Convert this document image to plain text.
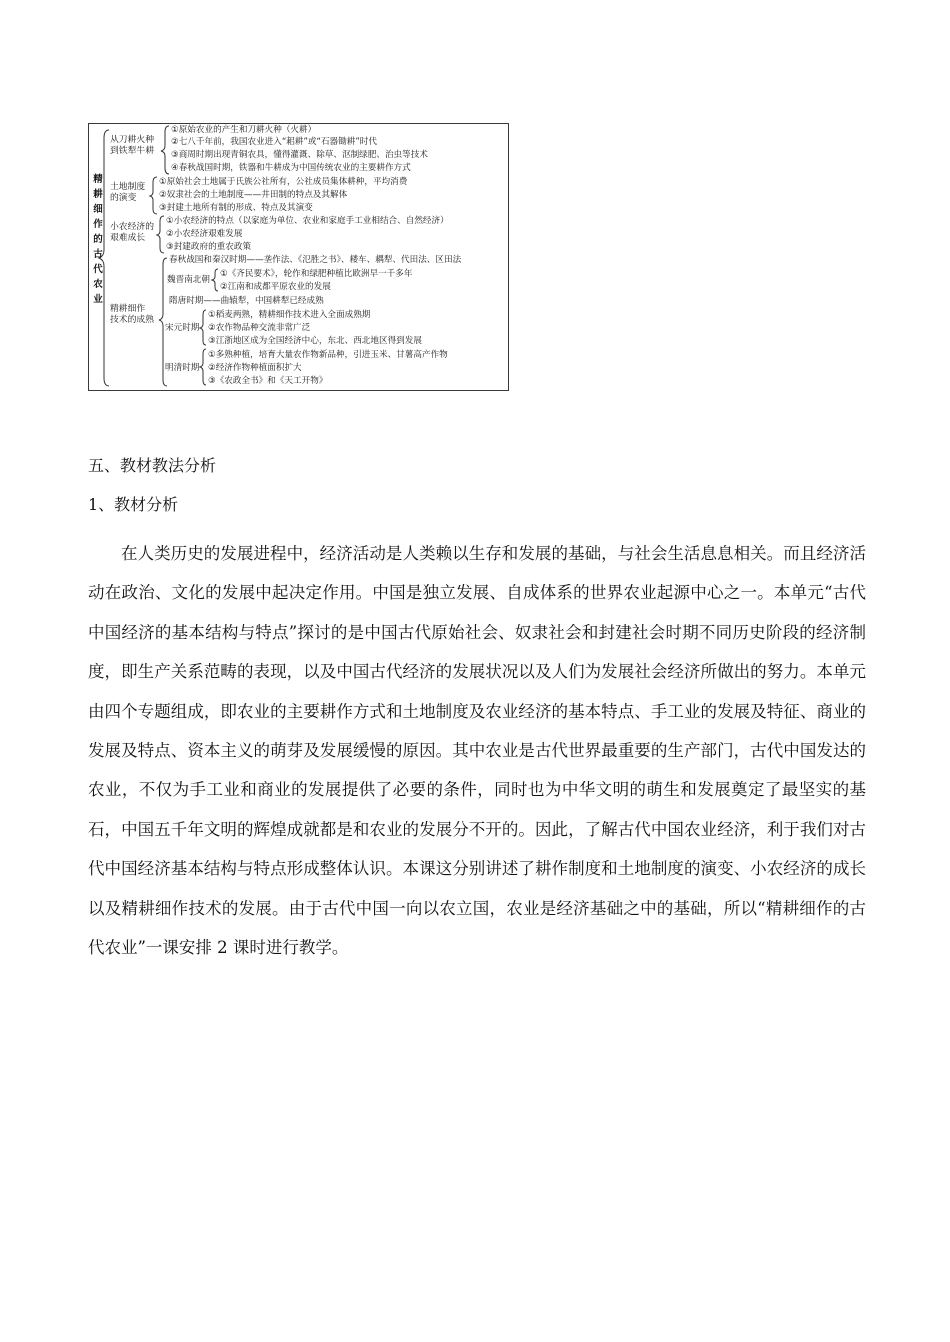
精耕细作的古代农业
从刀耕火种
到铁犁牛耕
①原始农业的产生和刀耕火种（火耕）
②七八千年前，我国农业进入“耜耕”或“石器锄耕”时代
③商周时期出现青铜农具，懂得灌溉、除草、沤制绿肥、治虫等技术
④春秋战国时期，铁器和牛耕成为中国传统农业的主要耕作方式
土地制度
的演变
①原始社会土地属于氏族公社所有，公社成员集体耕种，平均消费
②奴隶社会的土地制度——井田制的特点及其解体
③封建土地所有制的形成、特点及其演变
小农经济的
艰难成长
①小农经济的特点（以家庭为单位、农业和家庭手工业相结合、自然经济）
②小农经济艰难发展
③封建政府的重农政策
精耕细作
技术的成熟
春秋战国和秦汉时期——垄作法、《氾胜之书》、耧车、耦犁、代田法、区田法
魏晋南北朝
①《齐民要术》，轮作和绿肥种植比欧洲早一千多年
②江南和成都平原农业的发展
隋唐时期——曲辕犁，中国耕犁已经成熟
宋元时期
①稻麦两熟，精耕细作技术进入全面成熟期
②农作物品种交流非常广泛
③江浙地区成为全国经济中心，东北、西北地区得到发展
明清时期
①多熟种植，培育大量农作物新品种，引进玉米、甘薯高产作物
②经济作物种植面积扩大
③《农政全书》和《天工开物》
五、教材教法分析
1、教材分析

在人类历史的发展进程中，经济活动是人类赖以生存和发展的基础，与社会生活息息相关。而且经济活动在政治、文化的发展中起决定作用。中国是独立发展、自成体系的世界农业起源中心之一。本单元“古代中国经济的基本结构与特点”探讨的是中国古代原始社会、奴隶社会和封建社会时期不同历史阶段的经济制度，即生产关系范畴的表现，以及中国古代经济的发展状况以及人们为发展社会经济所做出的努力。本单元由四个专题组成，即农业的主要耕作方式和土地制度及农业经济的基本特点、手工业的发展及特征、商业的发展及特点、资本主义的萌芽及发展缓慢的原因。其中农业是古代世界最重要的生产部门，古代中国发达的农业，不仅为手工业和商业的发展提供了必要的条件，同时也为中华文明的萌生和发展奠定了最坚实的基石，中国五千年文明的辉煌成就都是和农业的发展分不开的。因此，了解古代中国农业经济，利于我们对古代中国经济基本结构与特点形成整体认识。本课这分别讲述了耕作制度和土地制度的演变、小农经济的成长以及精耕细作技术的发展。由于古代中国一向以农立国，农业是经济基础之中的基础，所以“精耕细作的古代农业”一课安排 2 课时进行教学。
